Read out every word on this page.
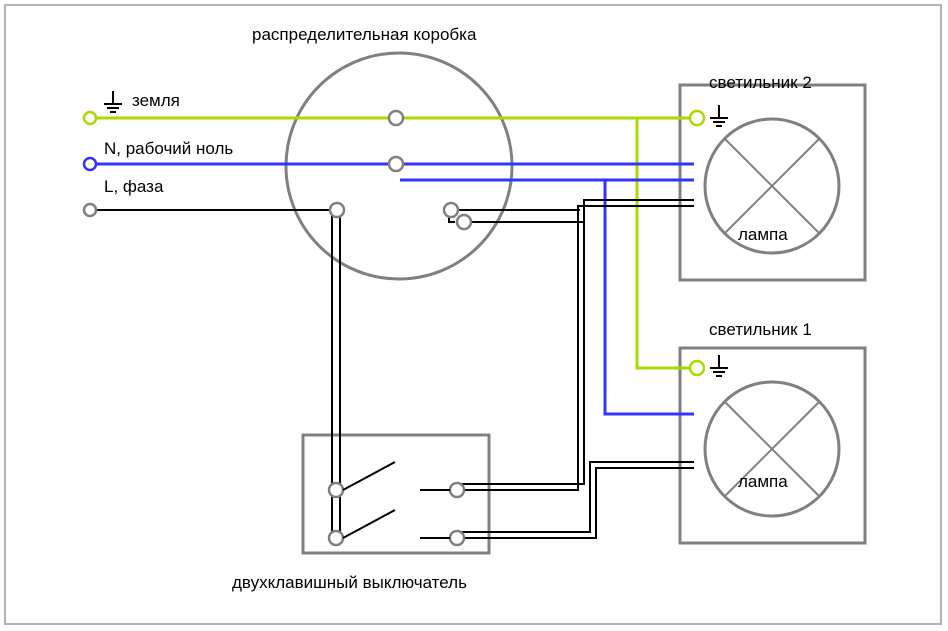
распределительная коробка
земля
N, рабочий ноль
L, фаза
светильник 2
светильник 1
лампа
лампа
двухклавишный выключатель
